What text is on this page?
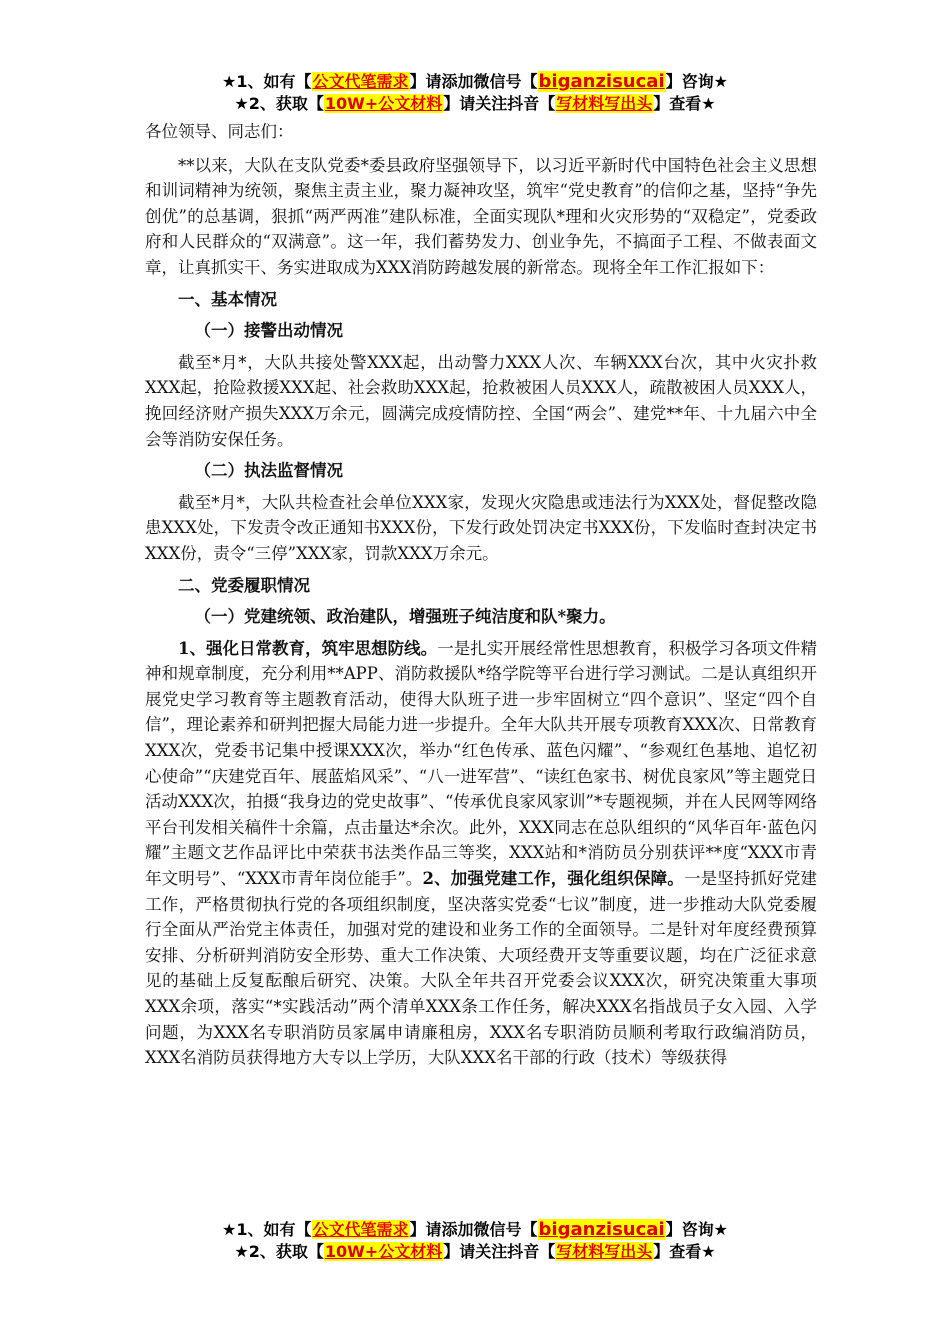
★1、如有【公文代笔需求】请添加微信号【biganzisucai】咨询★
★2、获取【10W+公文材料】请关注抖音【写材料写出头】查看★

各位领导、同志们：

**以来，大队在支队党委*委县政府坚强领导下，以习近平新时代中国特色社会主义思想和训词精神为统领，聚焦主责主业，聚力凝神攻坚，筑牢“党史教育”的信仰之基，坚持“争先创优”的总基调，狠抓“两严两准”建队标准，全面实现队*理和火灾形势的“双稳定”，党委政府和人民群众的“双满意”。这一年，我们蓄势发力、创业争先，不搞面子工程、不做表面文章，让真抓实干、务实进取成为XXX消防跨越发展的新常态。现将全年工作汇报如下：

一、基本情况

（一）接警出动情况

截至*月*，大队共接处警XXX起，出动警力XXX人次、车辆XXX台次，其中火灾扑救XXX起，抢险救援XXX起、社会救助XXX起，抢救被困人员XXX人，疏散被困人员XXX人，挽回经济财产损失XXX万余元，圆满完成疫情防控、全国“两会”、建党**年、十九届六中全会等消防安保任务。

（二）执法监督情况

截至*月*，大队共检查社会单位XXX家，发现火灾隐患或违法行为XXX处，督促整改隐患XXX处，下发责令改正通知书XXX份，下发行政处罚决定书XXX份，下发临时查封决定书XXX份，责令“三停”XXX家，罚款XXX万余元。

二、党委履职情况

（一）党建统领、政治建队，增强班子纯洁度和队*聚力。

1、强化日常教育，筑牢思想防线。一是扎实开展经常性思想教育，积极学习各项文件精神和规章制度，充分利用**APP、消防救援队*络学院等平台进行学习测试。二是认真组织开展党史学习教育等主题教育活动，使得大队班子进一步牢固树立“四个意识”、坚定“四个自信”，理论素养和研判把握大局能力进一步提升。全年大队共开展专项教育XXX次、日常教育XXX次，党委书记集中授课XXX次，举办“红色传承、蓝色闪耀”、“参观红色基地、追忆初心使命”“庆建党百年、展蓝焰风采”、“八一进军营”、“读红色家书、树优良家风”等主题党日活动XXX次，拍摄“我身边的党史故事”、“传承优良家风家训”*专题视频，并在人民网等网络平台刊发相关稿件十余篇，点击量达*余次。此外，XXX同志在总队组织的“风华百年·蓝色闪耀”主题文艺作品评比中荣获书法类作品三等奖，XXX站和*消防员分别获评**度“XXX市青年文明号”、“XXX市青年岗位能手”。2、加强党建工作，强化组织保障。一是坚持抓好党建工作，严格贯彻执行党的各项组织制度，坚决落实党委“七议”制度，进一步推动大队党委履行全面从严治党主体责任，加强对党的建设和业务工作的全面领导。二是针对年度经费预算安排、分析研判消防安全形势、重大工作决策、大项经费开支等重要议题，均在广泛征求意见的基础上反复酝酿后研究、决策。大队全年共召开党委会议XXX次，研究决策重大事项XXX余项，落实“*实践活动”两个清单XXX条工作任务，解决XXX名指战员子女入园、入学问题，为XXX名专职消防员家属申请廉租房，XXX名专职消防员顺利考取行政编消防员，XXX名消防员获得地方大专以上学历，大队XXX名干部的行政（技术）等级获得

★1、如有【公文代笔需求】请添加微信号【biganzisucai】咨询★
★2、获取【10W+公文材料】请关注抖音【写材料写出头】查看★
